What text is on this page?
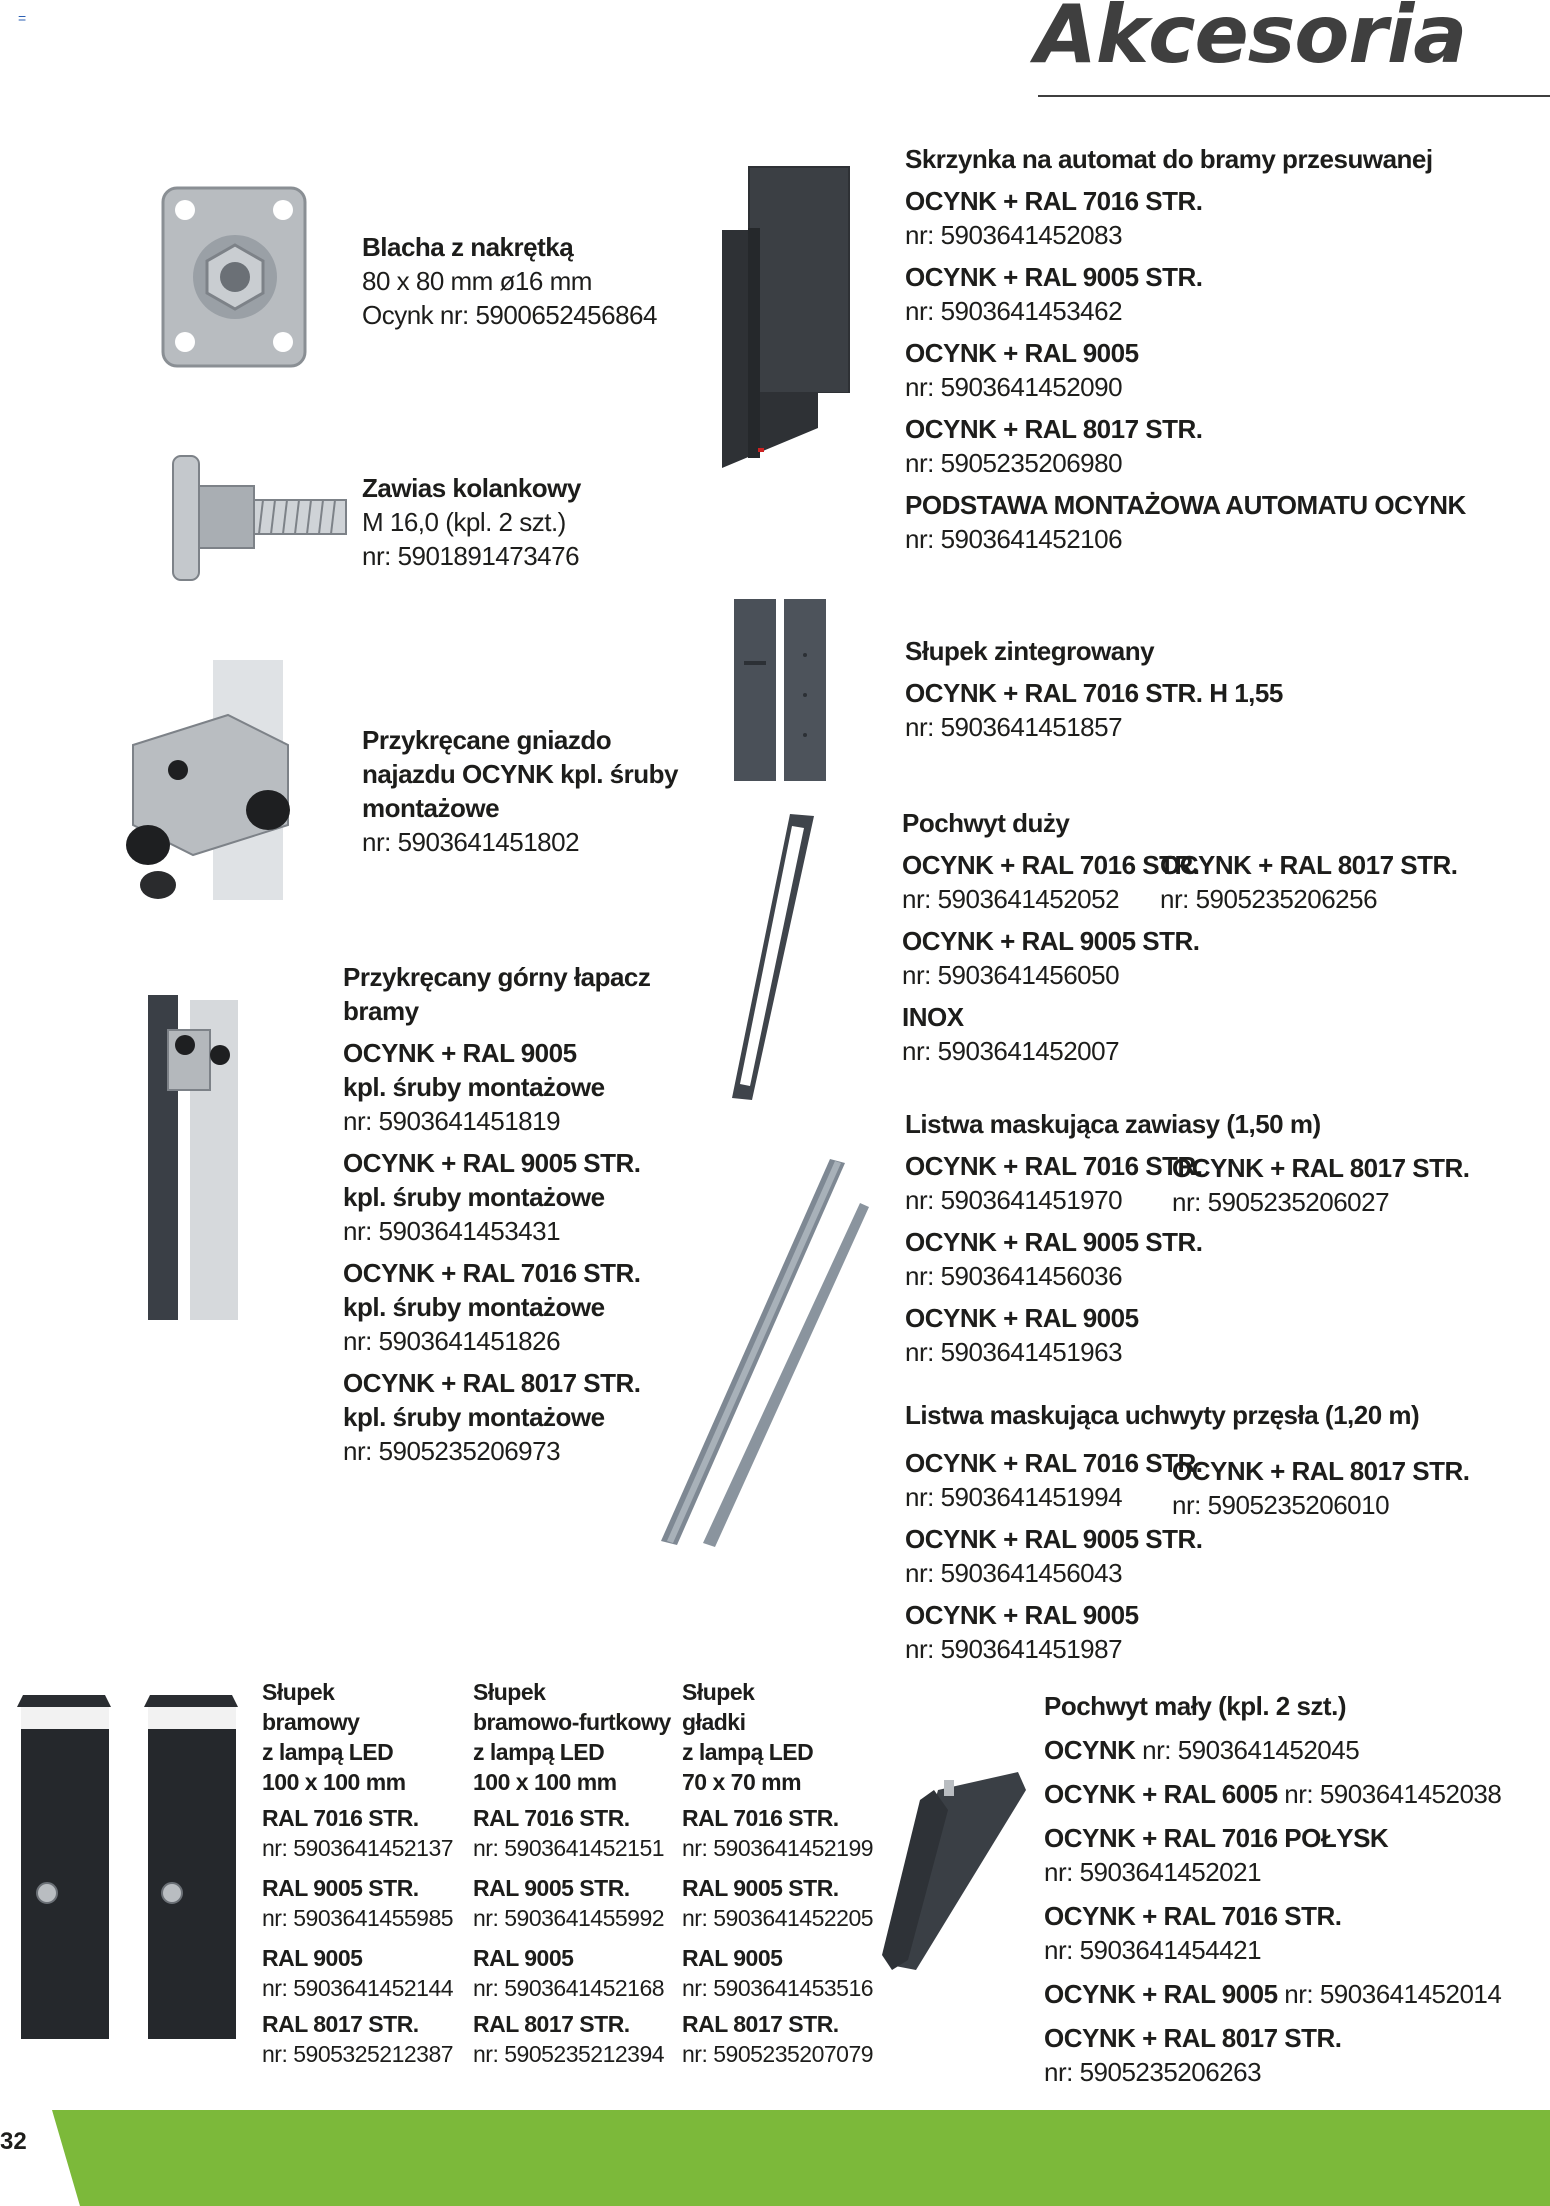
=	Akcesoria
Blacha z nakrętką
80 x 80 mm ø16 mm
Ocynk nr: 5900652456864
Zawias kolankowy
M 16,0 (kpl. 2 szt.)
nr: 5901891473476
Skrzynka na automat do bramy przesuwanej
OCYNK + RAL 7016 STR.
nr: 5903641452083
OCYNK + RAL 9005 STR.
nr: 5903641453462
OCYNK + RAL 9005
nr: 5903641452090
OCYNK + RAL 8017 STR.
nr: 5905235206980
PODSTAWA MONTAŻOWA AUTOMATU OCYNK
nr: 5903641452106
Przykręcane gniazdo
najazdu OCYNK kpl. śruby
montażowe
nr: 5903641451802
Słupek zintegrowany
OCYNK + RAL 7016 STR. H 1,55
nr: 5903641451857
Pochwyt duży
OCYNK + RAL 7016 STR.
nr: 5903641452052
OCYNK + RAL 9005 STR.
nr: 5903641456050
INOX
nr: 5903641452007
OCYNK + RAL 8017 STR.
nr: 5905235206256
Przykręcany górny łapacz
bramy
OCYNK + RAL 9005
kpl. śruby montażowe
nr: 5903641451819
OCYNK + RAL 9005 STR.
kpl. śruby montażowe
nr: 5903641453431
OCYNK + RAL 7016 STR.
kpl. śruby montażowe
nr: 5903641451826
OCYNK + RAL 8017 STR.
kpl. śruby montażowe
nr: 5905235206973
Listwa maskująca zawiasy (1,50 m)
OCYNK + RAL 7016 STR.
nr: 5903641451970
OCYNK + RAL 9005 STR.
nr: 5903641456036
OCYNK + RAL 9005
nr: 5903641451963
OCYNK + RAL 8017 STR.
nr: 5905235206027
Listwa maskująca uchwyty przęsła (1,20 m)
OCYNK + RAL 7016 STR.
nr: 5903641451994
OCYNK + RAL 9005 STR.
nr: 5903641456043
OCYNK + RAL 9005
nr: 5903641451987
OCYNK + RAL 8017 STR.
nr: 5905235206010
Słupek
bramowy
z lampą LED
100 x 100 mm
RAL 7016 STR.
nr: 5903641452137
RAL 9005 STR.
nr: 5903641455985
RAL 9005
nr: 5903641452144
RAL 8017 STR.
nr: 5905325212387
Słupek
bramowo-furtkowy
z lampą LED
100 x 100 mm
RAL 7016 STR.
nr: 5903641452151
RAL 9005 STR.
nr: 5903641455992
RAL 9005
nr: 5903641452168
RAL 8017 STR.
nr: 5905235212394
Słupek
gładki
z lampą LED
70 x 70 mm
RAL 7016 STR.
nr: 5903641452199
RAL 9005 STR.
nr: 5903641452205
RAL 9005
nr: 5903641453516
RAL 8017 STR.
nr: 5905235207079
Pochwyt mały (kpl. 2 szt.)
OCYNK nr: 5903641452045
OCYNK + RAL 6005 nr: 5903641452038
OCYNK + RAL 7016 POŁYSK
nr: 5903641452021
OCYNK + RAL 7016 STR.
nr: 5903641454421
OCYNK + RAL 9005 nr: 5903641452014
OCYNK + RAL 8017 STR.
nr: 5905235206263
32
